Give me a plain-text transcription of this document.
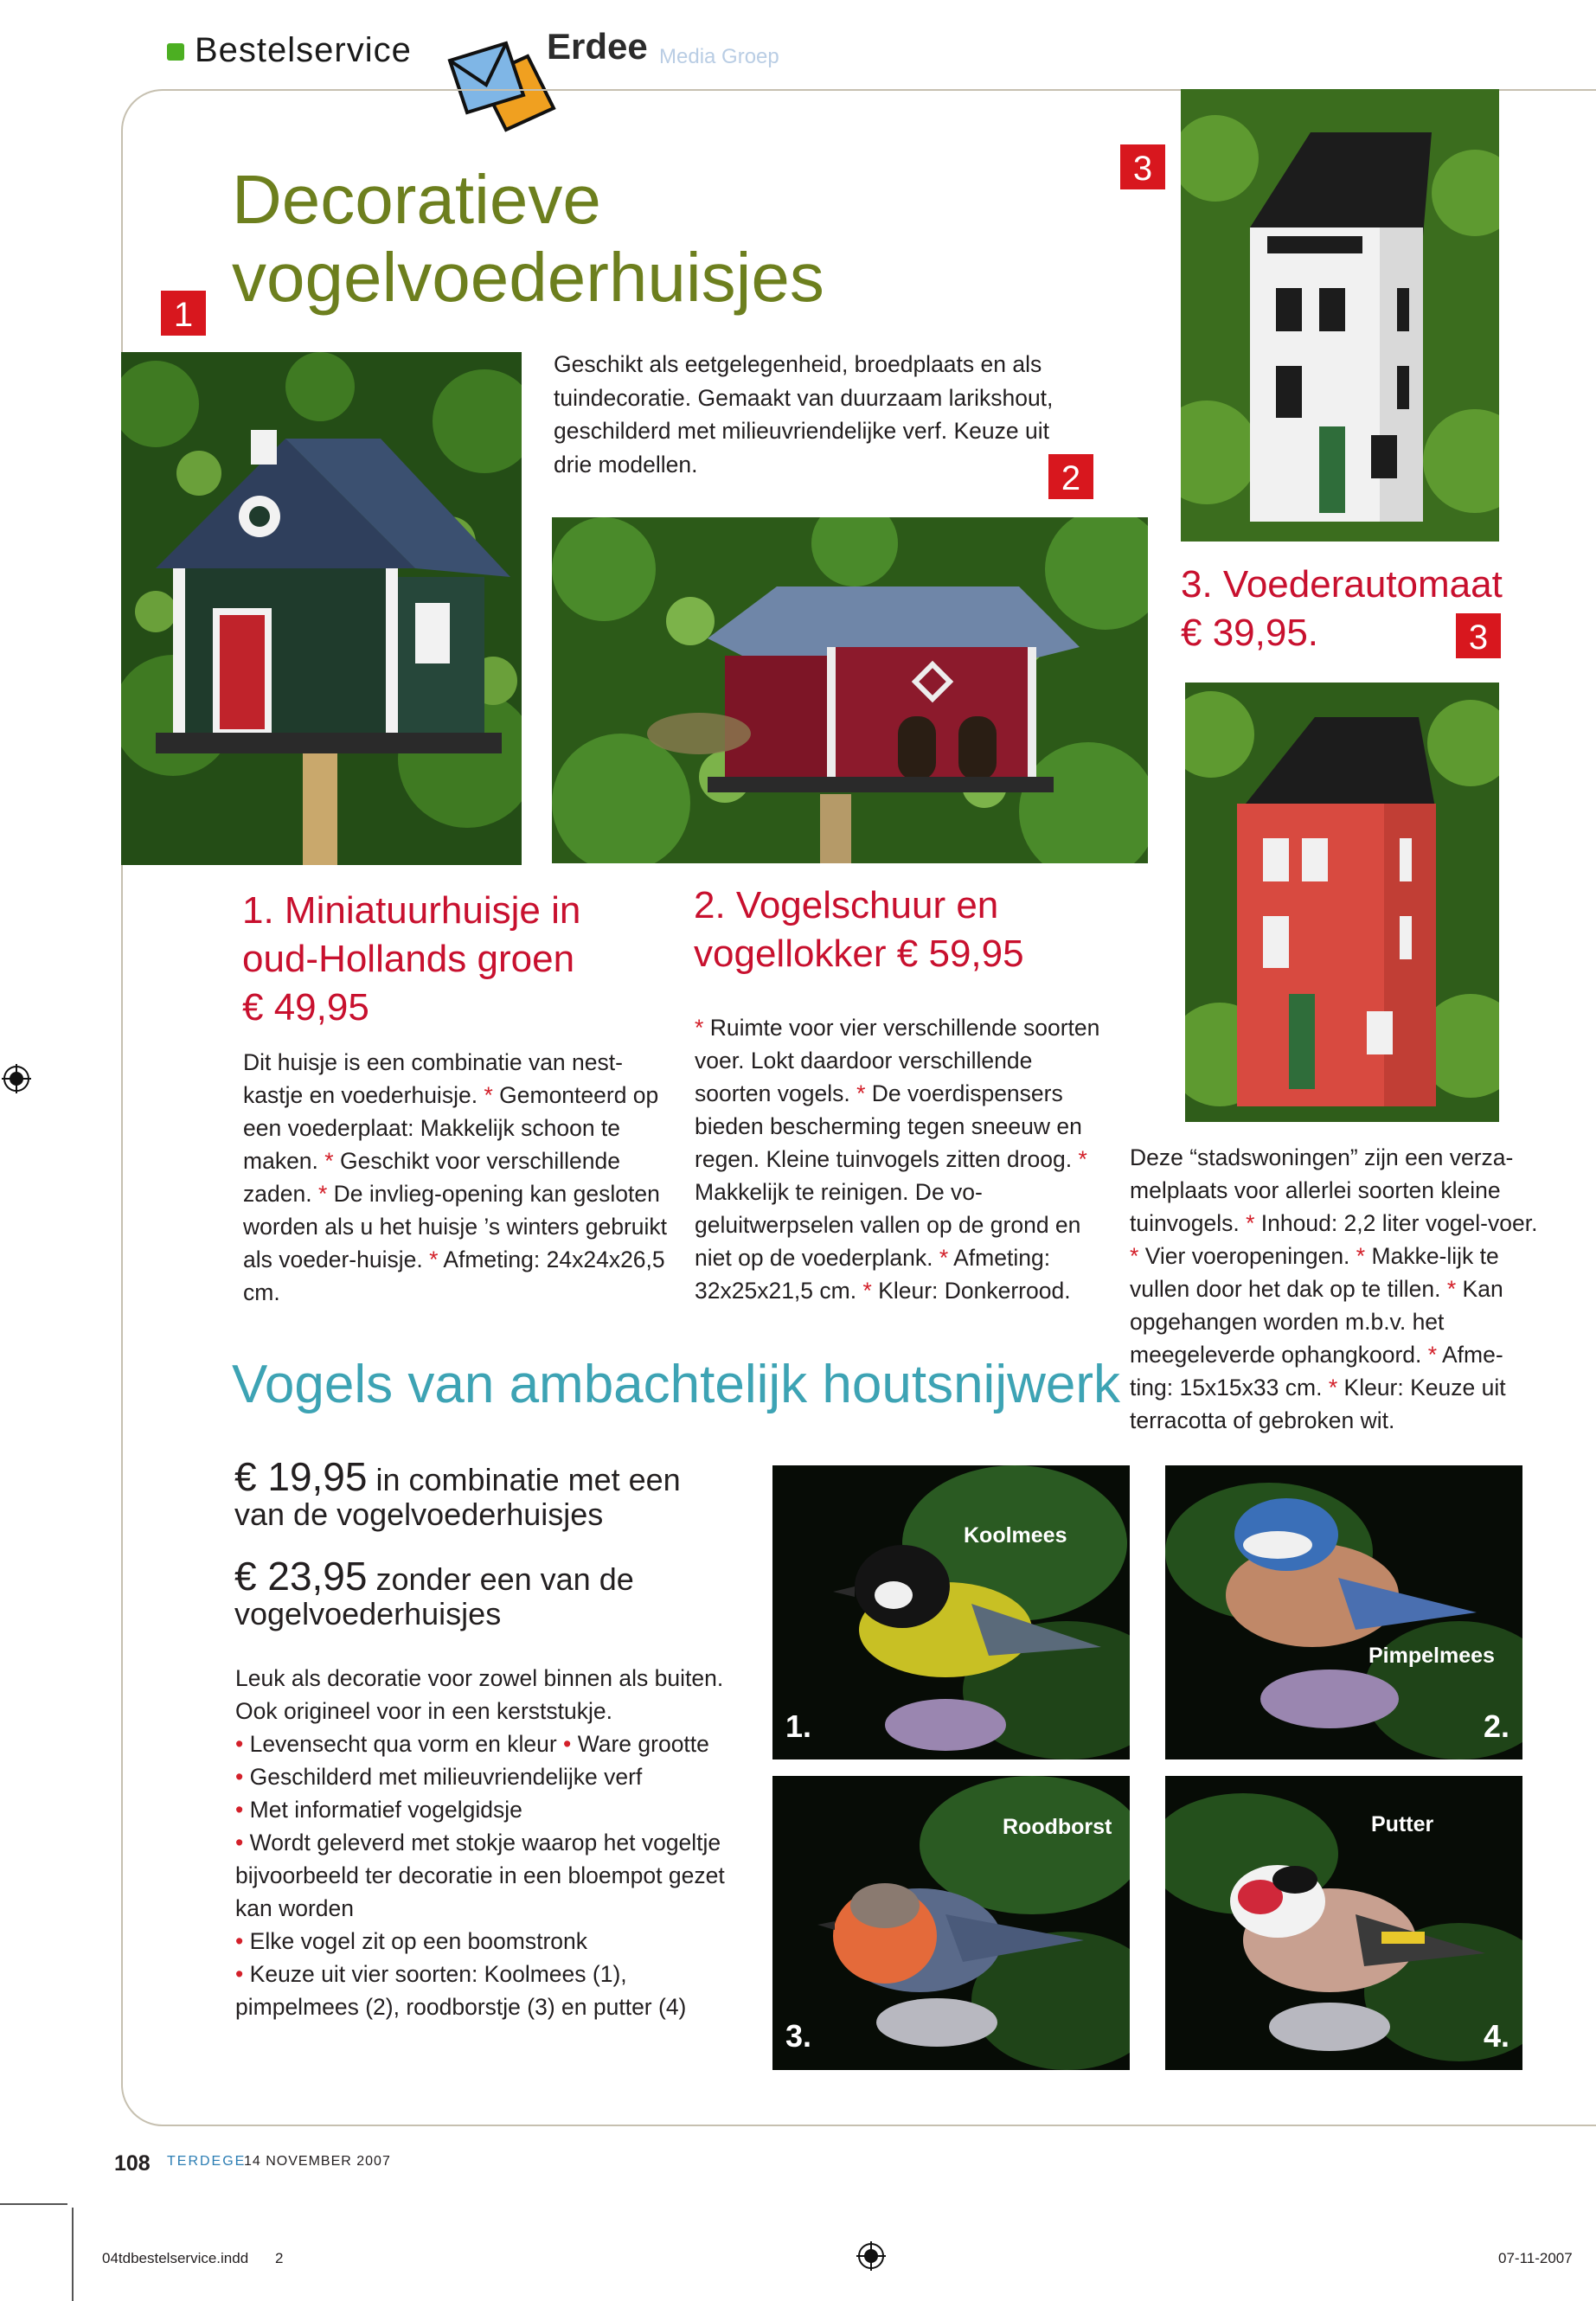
Bestelservice	Erdee Media Groep
Decoratieve
vogelvoederhuisjes
1
Geschikt als eetgelegenheid, broedplaats en als tuindecoratie. Gemaakt van duurzaam larikshout, geschilderd met milieuvriendelijke verf. Keuze uit drie modellen.	2
3
3. Voederautomaat
€ 39,95.	3
1. Miniatuurhuisje in
oud-Hollands groen
€ 49,95
Dit huisje is een combinatie van nest-kastje en voederhuisje. * Gemonteerd op een voederplaat: Makkelijk schoon te maken. * Geschikt voor verschillende zaden. * De invlieg-opening kan gesloten worden als u het huisje ’s winters gebruikt als voeder-huisje. * Afmeting: 24x24x26,5 cm.
2. Vogelschuur en
vogellokker € 59,95
* Ruimte voor vier verschillende soorten voer. Lokt daardoor verschillende soorten vogels. * De voerdispensers bieden bescherming tegen sneeuw en regen. Kleine tuinvogels zitten droog. * Makkelijk te reinigen. De vo-geluitwerpselen vallen op de grond en niet op de voederplank. * Afmeting: 32x25x21,5 cm. * Kleur: Donkerrood.
Deze “stadswoningen” zijn een verza-melplaats voor allerlei soorten kleine tuinvogels. * Inhoud: 2,2 liter vogel-voer. * Vier voeropeningen. * Makke-lijk te vullen door het dak op te tillen. * Kan opgehangen worden m.b.v. het meegeleverde ophangkoord. * Afme-ting: 15x15x33 cm. * Kleur: Keuze uit terracotta of gebroken wit.
Vogels van ambachtelijk houtsnijwerk
€ 19,95 in combinatie met een
van de vogelvoederhuisjes
€ 23,95 zonder een van de
vogelvoederhuisjes
Leuk als decoratie voor zowel binnen als buiten.
Ook origineel voor in een kerststukje.
• Levensecht qua vorm en kleur • Ware grootte
• Geschilderd met milieuvriendelijke verf
• Met informatief vogelgidsje
• Wordt geleverd met stokje waarop het vogeltje bijvoorbeeld ter decoratie in een bloempot gezet kan worden
• Elke vogel zit op een boomstronk
• Keuze uit vier soorten: Koolmees (1), pimpelmees (2), roodborstje (3) en putter (4)
Koolmees
1.
Pimpelmees
2.
Roodborst
3.
Putter
4.
108 TERDEGE
14 NOVEMBER 2007
04tdbestelservice.indd 2	07-11-2007
